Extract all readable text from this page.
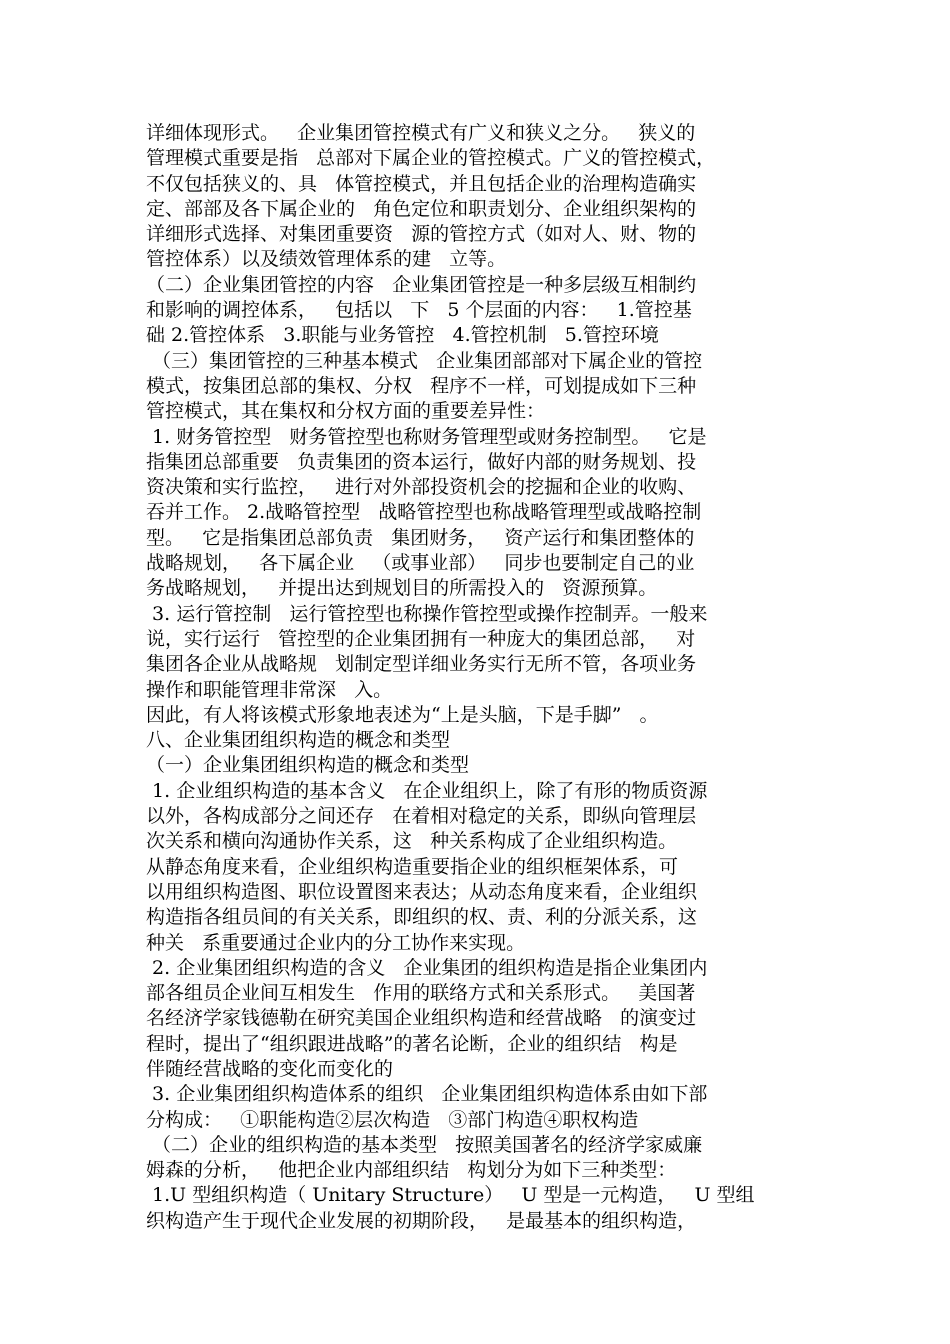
详细体现形式。   企业集团管控模式有广义和狭义之分。   狭义的
管理模式重要是指   总部对下属企业的管控模式。广义的管控模式，
不仅包括狭义的、具   体管控模式，并且包括企业的治理构造确实
定、部部及各下属企业的   角色定位和职责划分、企业组织架构的
详细形式选择、对集团重要资   源的管控方式（如对人、财、物的
管控体系）以及绩效管理体系的建   立等。
（二）企业集团管控的内容   企业集团管控是一种多层级互相制约
和影响的调控体系，   包括以   下   5 个层面的内容：   1.管控基
础 2.管控体系   3.职能与业务管控   4.管控机制   5.管控环境
（三）集团管控的三种基本模式   企业集团部部对下属企业的管控
模式，按集团总部的集权、分权   程序不一样，可划提成如下三种
管控模式，其在集权和分权方面的重要差异性：
1. 财务管控型   财务管控型也称财务管理型或财务控制型。   它是
指集团总部重要   负责集团的资本运行，做好内部的财务规划、投
资决策和实行监控，   进行对外部投资机会的挖掘和企业的收购、
吞并工作。 2.战略管控型   战略管控型也称战略管理型或战略控制
型。   它是指集团总部负责   集团财务，   资产运行和集团整体的
战略规划，   各下属企业   （或事业部）   同步也要制定自己的业
务战略规划，   并提出达到规划目的所需投入的   资源预算。
3. 运行管控制   运行管控型也称操作管控型或操作控制弄。一般来
说，实行运行   管控型的企业集团拥有一种庞大的集团总部，   对
集团各企业从战略规   划制定型详细业务实行无所不管，各项业务
操作和职能管理非常深   入。
因此，有人将该模式形象地表述为“上是头脑，下是手脚”   。
八、企业集团组织构造的概念和类型
（一）企业集团组织构造的概念和类型
1. 企业组织构造的基本含义   在企业组织上，除了有形的物质资源
以外，各构成部分之间还存   在着相对稳定的关系，即纵向管理层
次关系和横向沟通协作关系，这   种关系构成了企业组织构造。
从静态角度来看，企业组织构造重要指企业的组织框架体系，可
以用组织构造图、职位设置图来表达；从动态角度来看，企业组织
构造指各组员间的有关关系，即组织的权、责、利的分派关系，这
种关   系重要通过企业内的分工协作来实现。
2. 企业集团组织构造的含义   企业集团的组织构造是指企业集团内
部各组员企业间互相发生   作用的联络方式和关系形式。   美国著
名经济学家钱德勒在研究美国企业组织构造和经营战略   的演变过
程时，提出了“组织跟进战略”的著名论断，企业的组织结   构是
伴随经营战略的变化而变化的
3. 企业集团组织构造体系的组织   企业集团组织构造体系由如下部
分构成：   ①职能构造②层次构造   ③部门构造④职权构造
（二）企业的组织构造的基本类型   按照美国著名的经济学家威廉
姆森的分析，   他把企业内部组织结   构划分为如下三种类型：
1.U 型组织构造（ Unitary Structure）   U 型是一元构造，   U 型组
织构造产生于现代企业发展的初期阶段，   是最基本的组织构造，
